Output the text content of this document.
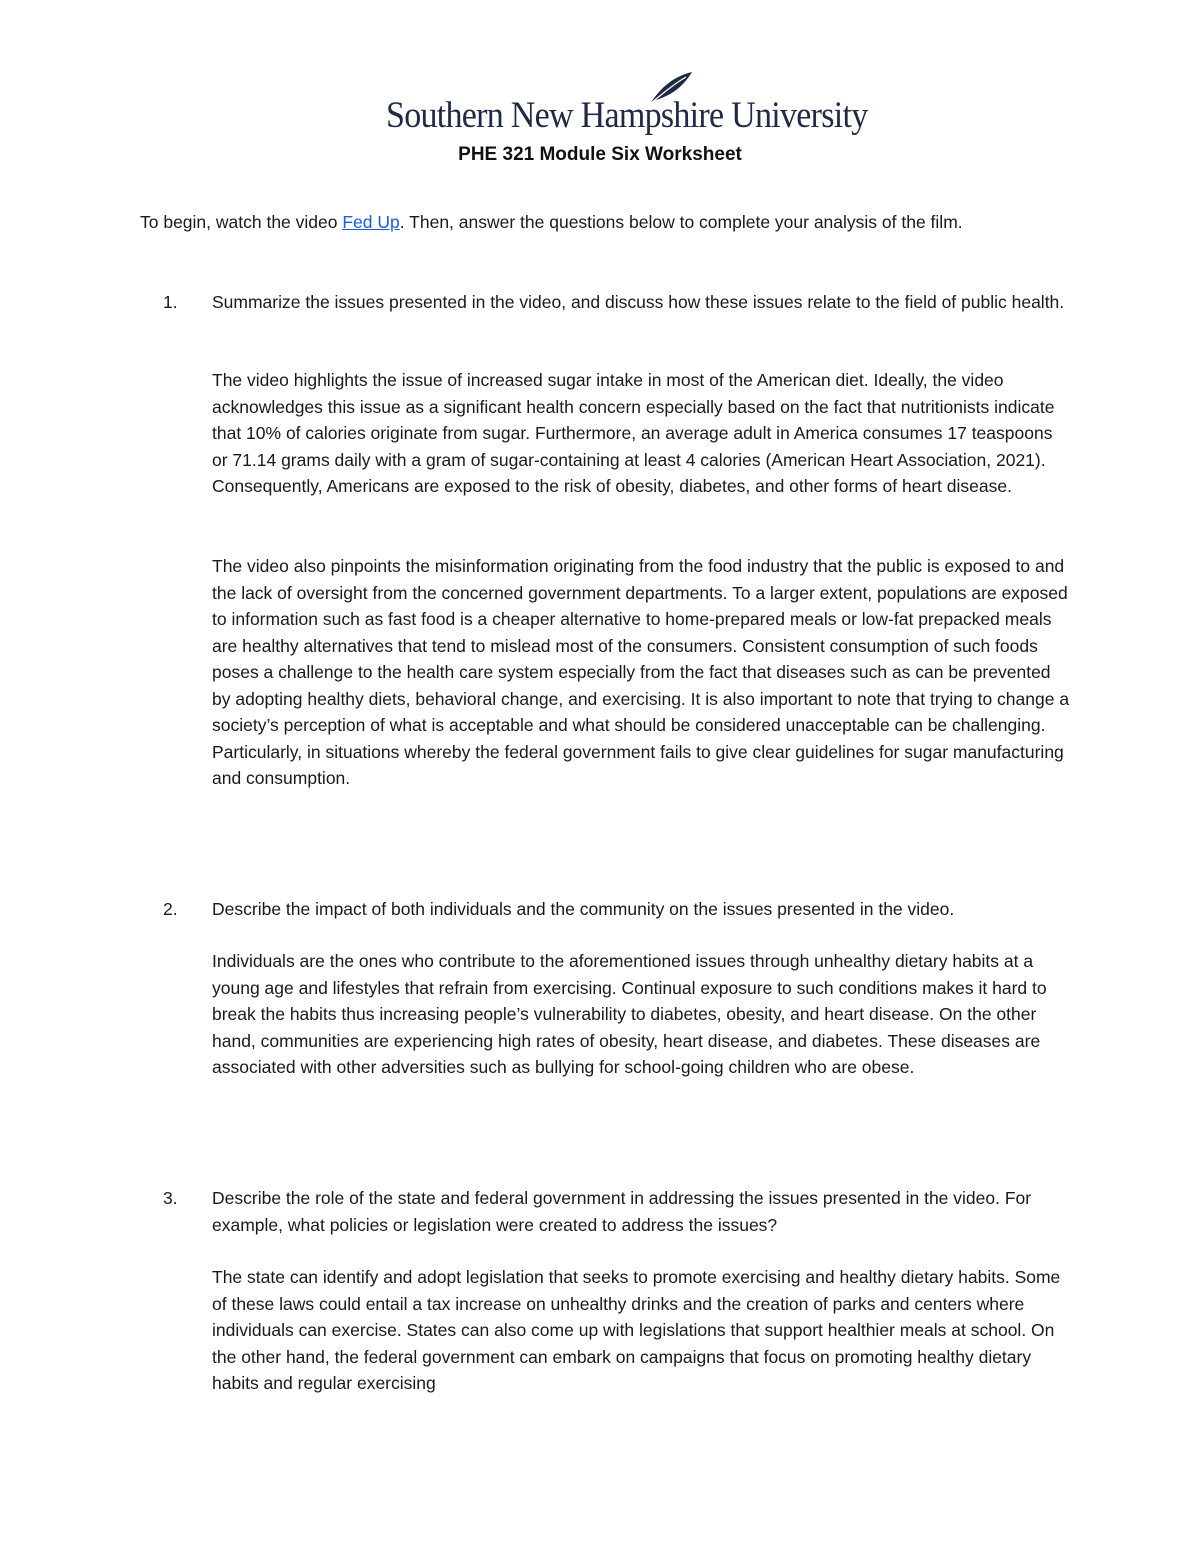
Southern New Hampshire University
PHE 321 Module Six Worksheet
To begin, watch the video Fed Up. Then, answer the questions below to complete your analysis of the film.
1. Summarize the issues presented in the video, and discuss how these issues relate to the field of public health.
The video highlights the issue of increased sugar intake in most of the American diet. Ideally, the video acknowledges this issue as a significant health concern especially based on the fact that nutritionists indicate that 10% of calories originate from sugar. Furthermore, an average adult in America consumes 17 teaspoons or 71.14 grams daily with a gram of sugar-containing at least 4 calories (American Heart Association, 2021). Consequently, Americans are exposed to the risk of obesity, diabetes, and other forms of heart disease.
The video also pinpoints the misinformation originating from the food industry that the public is exposed to and the lack of oversight from the concerned government departments. To a larger extent, populations are exposed to information such as fast food is a cheaper alternative to home-prepared meals or low-fat prepacked meals are healthy alternatives that tend to mislead most of the consumers. Consistent consumption of such foods poses a challenge to the health care system especially from the fact that diseases such as can be prevented by adopting healthy diets, behavioral change, and exercising. It is also important to note that trying to change a society’s perception of what is acceptable and what should be considered unacceptable can be challenging. Particularly, in situations whereby the federal government fails to give clear guidelines for sugar manufacturing and consumption.
2. Describe the impact of both individuals and the community on the issues presented in the video.
Individuals are the ones who contribute to the aforementioned issues through unhealthy dietary habits at a young age and lifestyles that refrain from exercising. Continual exposure to such conditions makes it hard to break the habits thus increasing people’s vulnerability to diabetes, obesity, and heart disease. On the other hand, communities are experiencing high rates of obesity, heart disease, and diabetes. These diseases are associated with other adversities such as bullying for school-going children who are obese.
3. Describe the role of the state and federal government in addressing the issues presented in the video. For example, what policies or legislation were created to address the issues?
The state can identify and adopt legislation that seeks to promote exercising and healthy dietary habits. Some of these laws could entail a tax increase on unhealthy drinks and the creation of parks and centers where individuals can exercise. States can also come up with legislations that support healthier meals at school. On the other hand, the federal government can embark on campaigns that focus on promoting healthy dietary habits and regular exercising
